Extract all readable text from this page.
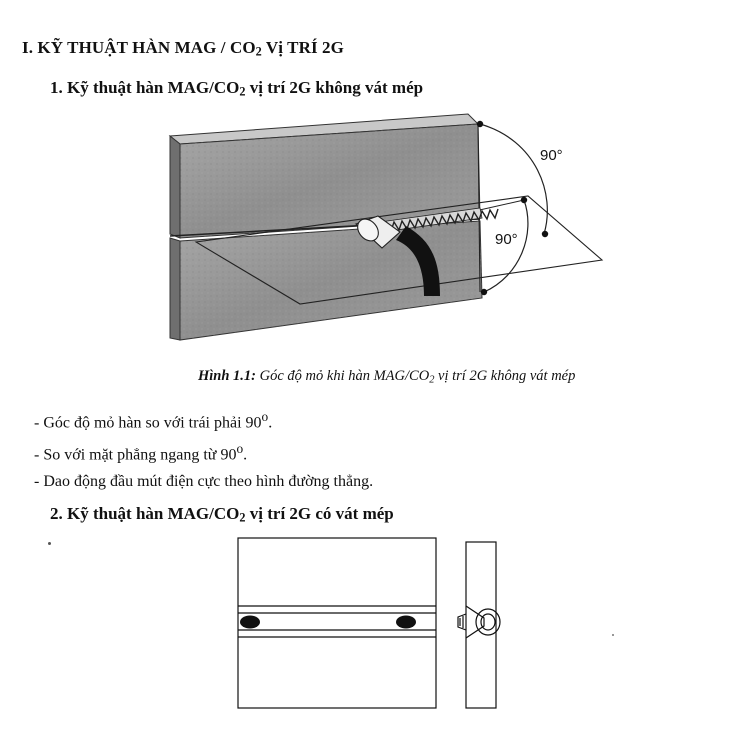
I. KỸ THUẬT HÀN MAG / $CO_2$ Vị TRÍ 2G
1. Kỹ thuật hàn MAG/$CO_2$ vị trí 2G không vát mép
90°
90°
Hình 1.1: Góc độ mỏ khi hàn MAG/$CO_2$ vị trí 2G không vát mép
- Góc độ mỏ hàn so với trái phải 90$^o$.
- So với mặt phẳng ngang từ 90$^o$.
- Dao động đầu mút điện cực theo hình đường thẳng.
2. Kỹ thuật hàn MAG/$CO_2$ vị trí 2G có vát mép
